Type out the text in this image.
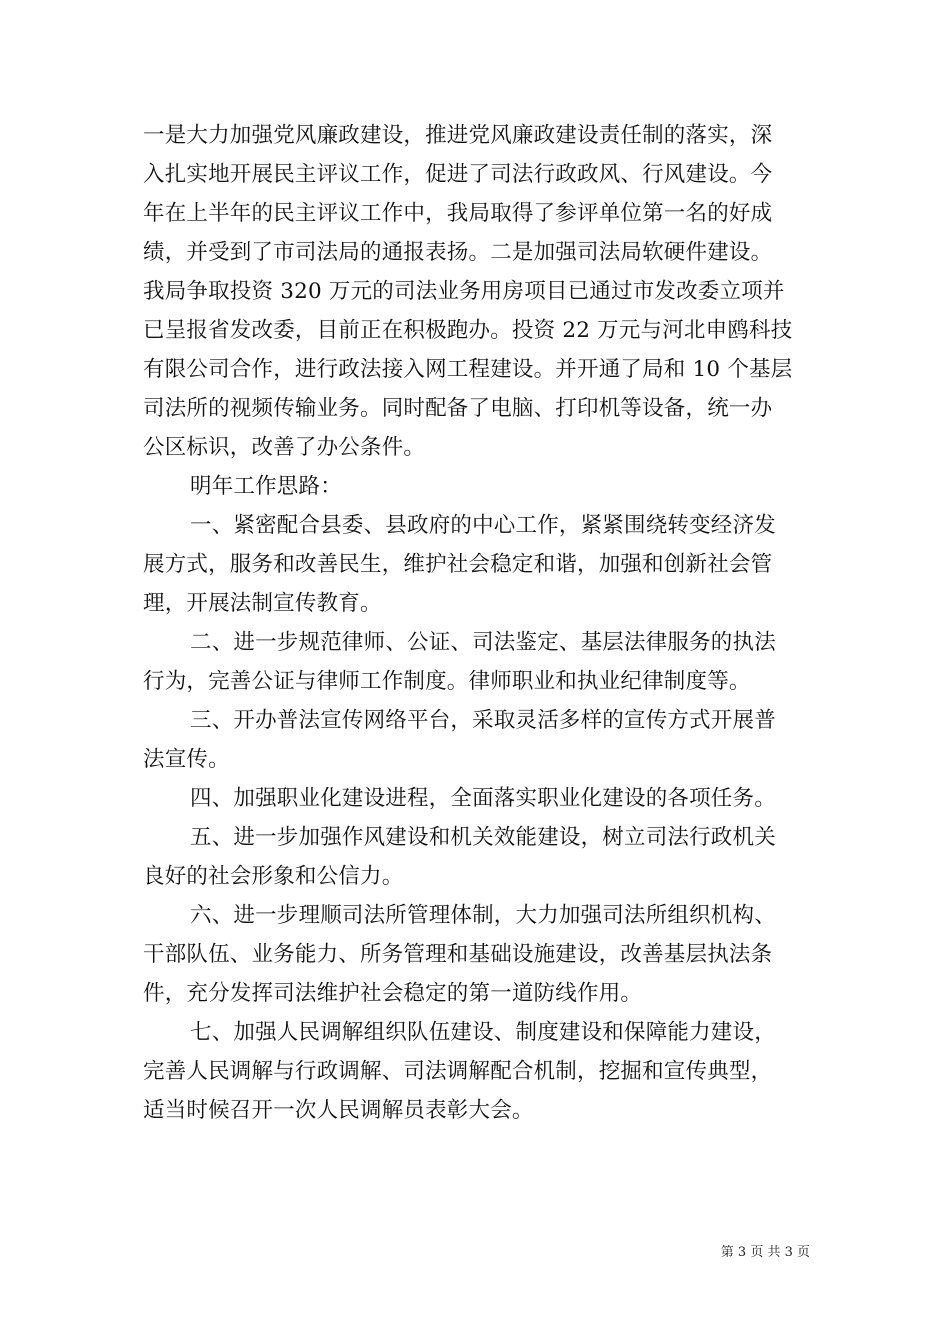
一是大力加强党风廉政建设，推进党风廉政建设责任制的落实，深
入扎实地开展民主评议工作，促进了司法行政政风、行风建设。今
年在上半年的民主评议工作中，我局取得了参评单位第一名的好成
绩，并受到了市司法局的通报表扬。二是加强司法局软硬件建设。
我局争取投资 320 万元的司法业务用房项目已通过市发改委立项并
已呈报省发改委，目前正在积极跑办。投资 22 万元与河北申鸥科技
有限公司合作，进行政法接入网工程建设。并开通了局和 10 个基层
司法所的视频传输业务。同时配备了电脑、打印机等设备，统一办
公区标识，改善了办公条件。
明年工作思路：
一、紧密配合县委、县政府的中心工作，紧紧围绕转变经济发
展方式，服务和改善民生，维护社会稳定和谐，加强和创新社会管
理，开展法制宣传教育。
二、进一步规范律师、公证、司法鉴定、基层法律服务的执法
行为，完善公证与律师工作制度。律师职业和执业纪律制度等。
三、开办普法宣传网络平台，采取灵活多样的宣传方式开展普
法宣传。
四、加强职业化建设进程，全面落实职业化建设的各项任务。
五、进一步加强作风建设和机关效能建设，树立司法行政机关
良好的社会形象和公信力。
六、进一步理顺司法所管理体制，大力加强司法所组织机构、
干部队伍、业务能力、所务管理和基础设施建设，改善基层执法条
件，充分发挥司法维护社会稳定的第一道防线作用。
七、加强人民调解组织队伍建设、制度建设和保障能力建设，
完善人民调解与行政调解、司法调解配合机制，挖掘和宣传典型，
适当时候召开一次人民调解员表彰大会。
第 3 页 共 3 页
